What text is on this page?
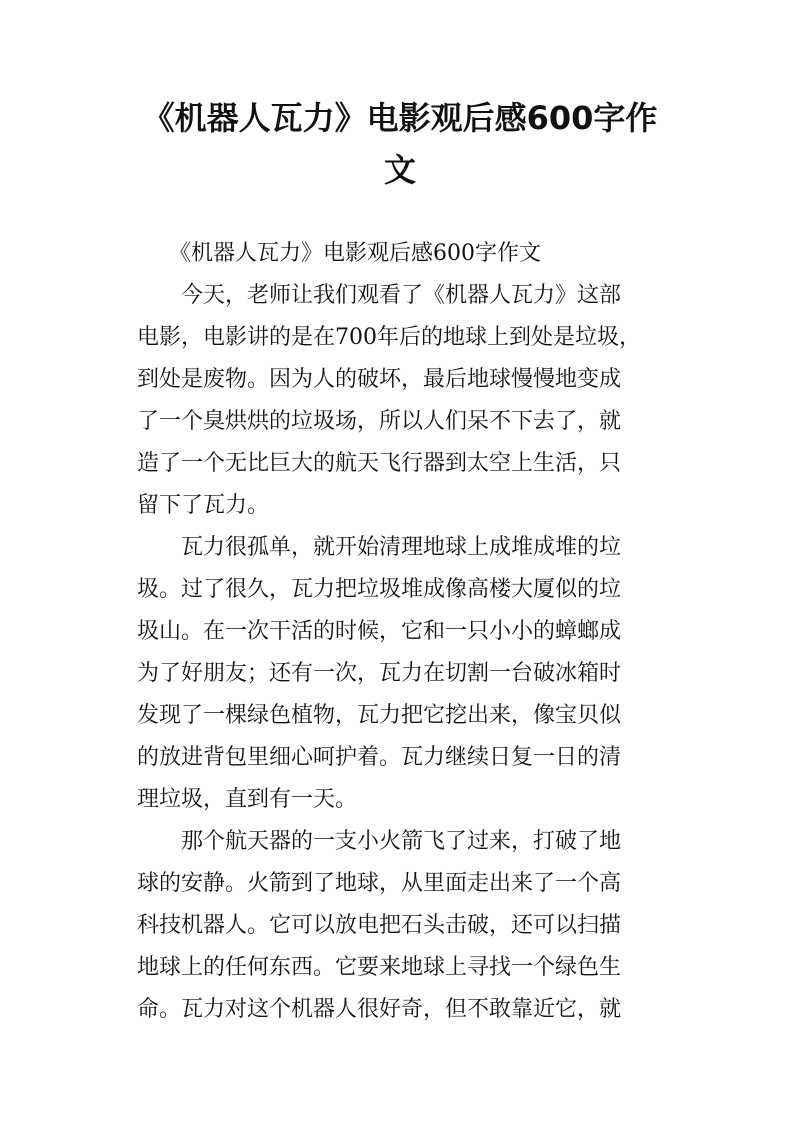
《机器人瓦力》电影观后感600字作
文
《机器人瓦力》电影观后感600字作文
今天，老师让我们观看了《机器人瓦力》这部
电影，电影讲的是在700年后的地球上到处是垃圾，
到处是废物。因为人的破坏，最后地球慢慢地变成
了一个臭烘烘的垃圾场，所以人们呆不下去了，就
造了一个无比巨大的航天飞行器到太空上生活，只
留下了瓦力。
瓦力很孤单，就开始清理地球上成堆成堆的垃
圾。过了很久，瓦力把垃圾堆成像高楼大厦似的垃
圾山。在一次干活的时候，它和一只小小的蟑螂成
为了好朋友；还有一次，瓦力在切割一台破冰箱时
发现了一棵绿色植物，瓦力把它挖出来，像宝贝似
的放进背包里细心呵护着。瓦力继续日复一日的清
理垃圾，直到有一天。
那个航天器的一支小火箭飞了过来，打破了地
球的安静。火箭到了地球，从里面走出来了一个高
科技机器人。它可以放电把石头击破，还可以扫描
地球上的任何东西。它要来地球上寻找一个绿色生
命。瓦力对这个机器人很好奇，但不敢靠近它，就
